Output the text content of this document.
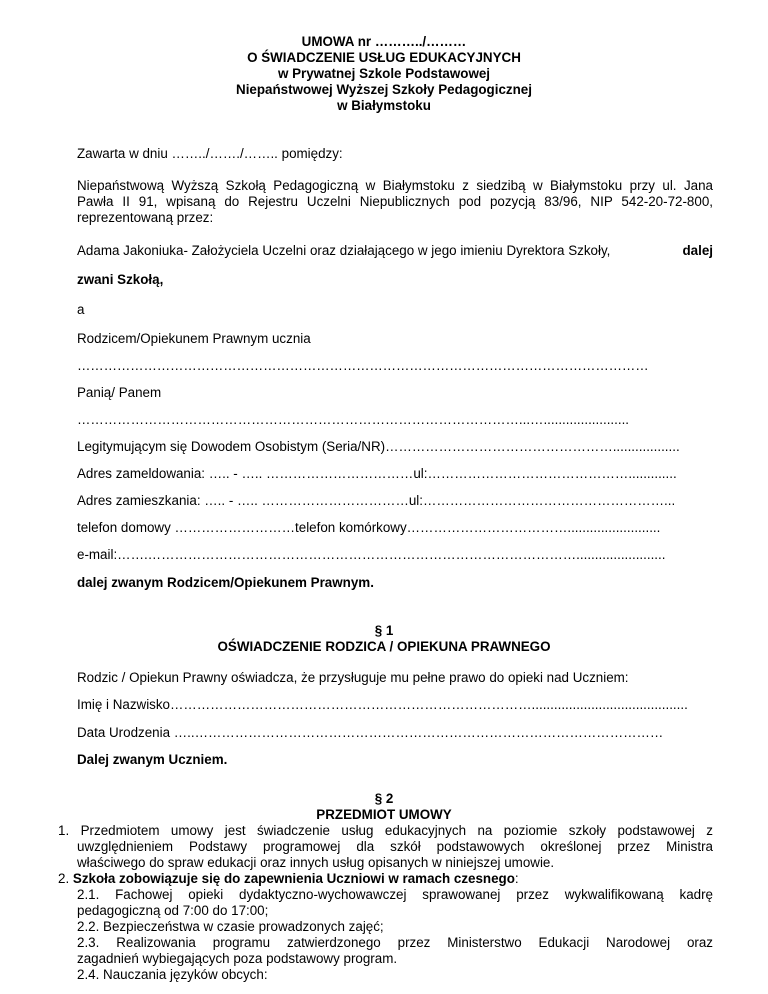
UMOWA nr ………../………
O ŚWIADCZENIE USŁUG EDUKACYJNYCH
w Prywatnej Szkole Podstawowej
Niepaństwowej Wyższej Szkoły Pedagogicznej
w Białymstoku
Zawarta w dniu ……../……./…….. pomiędzy:
Niepaństwową Wyższą Szkołą Pedagogiczną w Białymstoku z siedzibą w Białymstoku przy ul. Jana
Pawła II 91, wpisaną do Rejestru Uczelni Niepublicznych pod pozycją 83/96, NIP 542-20-72-800,
reprezentowaną przez:
Adama Jakoniuka- Założyciela Uczelni oraz działającego w jego imieniu Dyrektora Szkoły,	dalej
zwani Szkołą,
a
Rodzicem/Opiekunem Prawnym ucznia
…………………………………………………………………………………………………………………
Panią/ Panem
………………………………………………………………………………………...….......................
Legitymującym się Dowodem Osobistym (Seria/NR)……………………………………………..................
Adres zameldowania: ….. - ….. ……………………………ul:……………………………………….............
Adres zamieszkania: ….. - ….. ……………………………ul:………………………………………………...
telefon domowy ………………………telefon komórkowy……………………………….........................
e-mail:…….……………………………………………………………………………………........................
dalej zwanym Rodzicem/Opiekunem Prawnym.
§ 1
OŚWIADCZENIE RODZICA / OPIEKUNA PRAWNEGO
Rodzic / Opiekun Prawny oświadcza, że przysługuje mu pełne prawo do opieki nad Uczniem:
Imię i Nazwisko………………………………………………………………………..........................................
Data Urodzenia …..……………………………………………………………………………………………
Dalej zwanym Uczniem.
§ 2
PRZEDMIOT UMOWY
1. Przedmiotem umowy jest świadczenie usług edukacyjnych na poziomie szkoły podstawowej z
uwzględnieniem Podstawy programowej dla szkół podstawowych określonej przez Ministra
właściwego do spraw edukacji oraz innych usług opisanych w niniejszej umowie.
2. Szkoła zobowiązuje się do zapewnienia Uczniowi w ramach czesnego:
2.1. Fachowej opieki dydaktyczno-wychowawczej sprawowanej przez wykwalifikowaną kadrę
pedagogiczną od 7:00 do 17:00;
2.2. Bezpieczeństwa w czasie prowadzonych zajęć;
2.3. Realizowania programu zatwierdzonego przez Ministerstwo Edukacji Narodowej oraz
zagadnień wybiegających poza podstawowy program.
2.4. Nauczania języków obcych:
